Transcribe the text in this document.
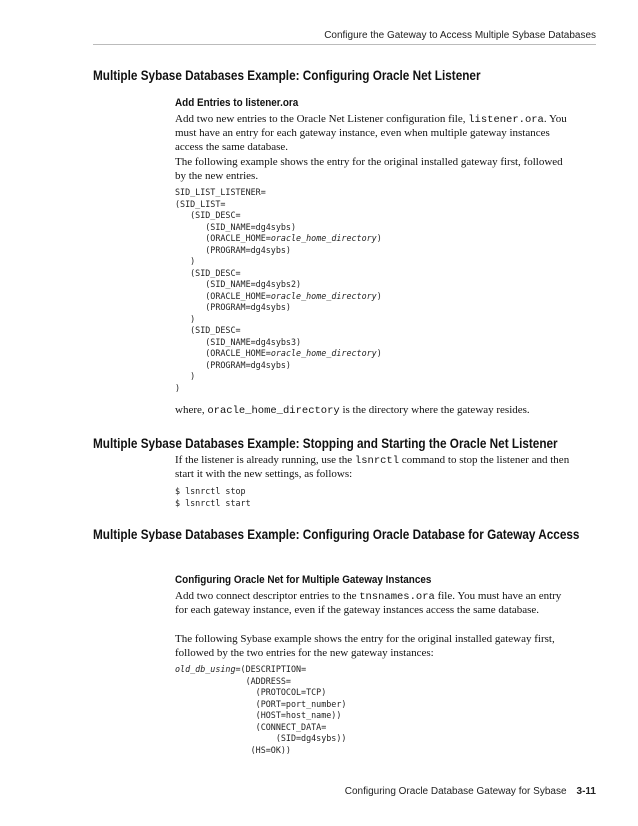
Configure the Gateway to Access Multiple Sybase Databases
Multiple Sybase Databases Example: Configuring Oracle Net Listener
Add Entries to listener.ora
Add two new entries to the Oracle Net Listener configuration file, listener.ora. You must have an entry for each gateway instance, even when multiple gateway instances access the same database.
The following example shows the entry for the original installed gateway first, followed by the new entries.
SID_LIST_LISTENER=
(SID_LIST=
(SID_DESC=
(SID_NAME=dg4sybs)
(ORACLE_HOME=oracle_home_directory)
(PROGRAM=dg4sybs)
)
(SID_DESC=
(SID_NAME=dg4sybs2)
(ORACLE_HOME=oracle_home_directory)
(PROGRAM=dg4sybs)
)
(SID_DESC=
(SID_NAME=dg4sybs3)
(ORACLE_HOME=oracle_home_directory)
(PROGRAM=dg4sybs)
)
)
where, oracle_home_directory is the directory where the gateway resides.
Multiple Sybase Databases Example: Stopping and Starting the Oracle Net Listener
If the listener is already running, use the lsnrctl command to stop the listener and then start it with the new settings, as follows:
$ lsnrctl stop
$ lsnrctl start
Multiple Sybase Databases Example: Configuring Oracle Database for Gateway Access
Configuring Oracle Net for Multiple Gateway Instances
Add two connect descriptor entries to the tnsnames.ora file. You must have an entry for each gateway instance, even if the gateway instances access the same database.
The following Sybase example shows the entry for the original installed gateway first, followed by the two entries for the new gateway instances:
old_db_using=(DESCRIPTION=
(ADDRESS=
(PROTOCOL=TCP)
(PORT=port_number)
(HOST=host_name))
(CONNECT_DATA=
(SID=dg4sybs))
(HS=OK))
Configuring Oracle Database Gateway for Sybase 3-11
